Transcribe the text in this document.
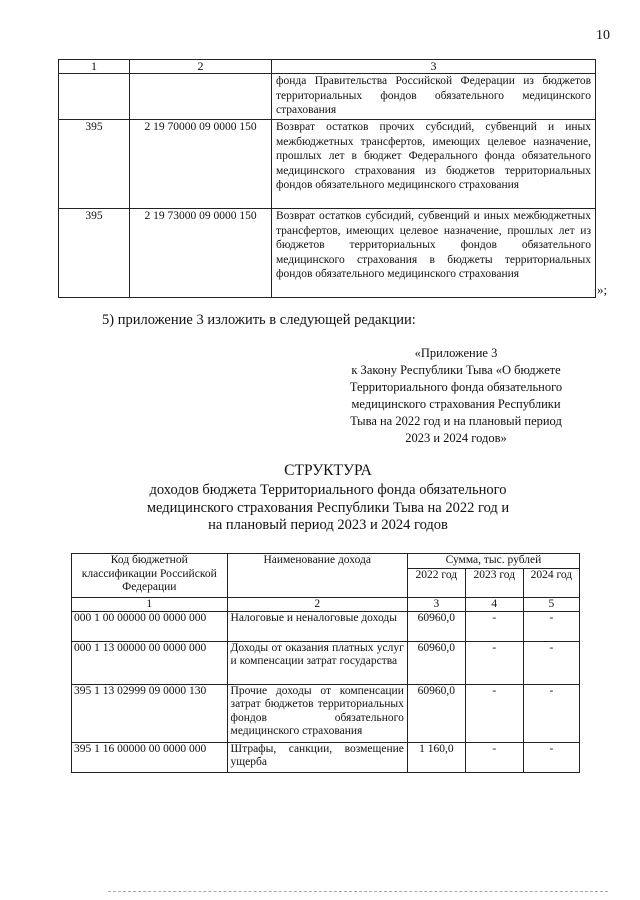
10
1	2	3
		фонда Правительства Российской Федерации из бюджетов территориальных фондов обязательного медицинского страхования
395	2 19 70000 09 0000 150	Возврат остатков прочих субсидий, субвенций и иных межбюджетных трансфертов, имеющих целевое назначение, прошлых лет в бюджет Федерального фонда обязательного медицинского страхования из бюджетов территориальных фондов обязательного медицинского страхования
395	2 19 73000 09 0000 150	Возврат остатков субсидий, субвенций и иных межбюджетных трансфертов, имеющих целевое назначение, прошлых лет из бюджетов территориальных фондов обязательного медицинского страхования в бюджеты территориальных фондов обязательного медицинского страхования
»;
5) приложение 3 изложить в следующей редакции:
«Приложение 3
к Закону Республики Тыва «О бюджете
Территориального фонда обязательного
медицинского страхования Республики
Тыва на 2022 год и на плановый период
2023 и 2024 годов»
СТРУКТУРА
доходов бюджета Территориального фонда обязательного
медицинского страхования Республики Тыва на 2022 год и
на плановый период 2023 и 2024 годов
Код бюджетной классификации Российской Федерации	Наименование дохода	Сумма, тыс. рублей		
		2022 год	2023 год	2024 год
1	2	3	4	5
000 1 00 00000 00 0000 000	Налоговые и неналоговые доходы	60960,0	-	-
000 1 13 00000 00 0000 000	Доходы от оказания платных услуг и компенсации затрат государства	60960,0	-	-
395 1 13 02999 09 0000 130	Прочие доходы от компенсации затрат бюджетов территориальных фондов обязательного медицинского страхования	60960,0	-	-
395 1 16 00000 00 0000 000	Штрафы, санкции, возмещение ущерба	1 160,0	-	-
